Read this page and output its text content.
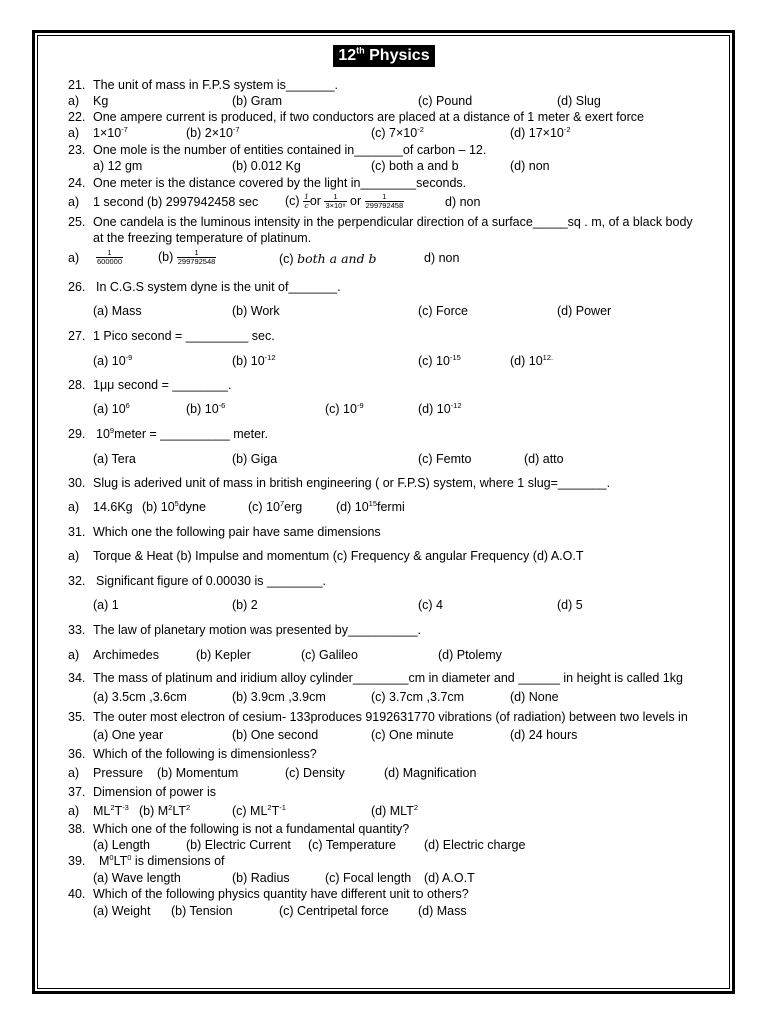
12th Physics
21. The unit of mass in F.P.S system is_______.
a) Kg	(b) Gram	(c) Pound	(d) Slug
22. One ampere current is produced, if two conductors are placed at a distance of 1 meter & exert force
a) $1\times 10^{-7}$	(b) $2\times 10^{-7}$	(c) $7\times 10^{-2}$	(d) $17\times 10^{-2}$
23. One mole is the number of entities contained in_______of carbon – 12.
a) 12 gm	(b) 0.012 Kg	(c) both a and b	(d) non
24. One meter is the distance covered by the light in________seconds.
a) 1 second (b) 2997942458 $\sec (c) \frac{1}{c}$ or $\frac{1}{\text{3×10⁸}}$ or $\frac{1}{299792458}$	d) non
25. One candela is the luminous intensity in the perpendicular direction of a surface_____sq . m, of a black body
at the freezing temperature of platinum.
$a) \frac{1}{600000}$	$(b) \frac{1}{299792548}$	(c) both a and b	d) non
26. In C.G.S system dyne is the unit of_______.
(a) Mass	(b) Work	(c) Force	(d) Power
27. 1 Pico second = _________ sec.
(a) $10^{-9}$	(b) $10^{-12}$	(c) $10^{-15}$	(d) $10^{12.}$
28. 1μμ second = ________.
(a) $10^6$	(b) $10^{-6}$	(c) $10^{-9}$	(d) $10^{-12}$
29. $10^9meter$ = __________ meter.
(a) Tera	(b) Giga	(c) Femto	(d) atto
30. Slug is aderived unit of mass in british engineering ( or F.P.S) system, where 1 slug=_______.
a) 14.6Kg (b) $10^5dyne$	(c) $10^7erg$	(d) $10^{15}fermi$
31. Which one the following pair have same dimensions
a) Torque & Heat (b) Impulse and momentum (c) Frequency & angular Frequency (d) A.O.T
32. Significant figure of 0.00030 is ________.
(a) 1	(b) 2	(c) 4	(d) 5
33. The law of planetary motion was presented by__________.
a) Archimedes	(b) Kepler	(c) Galileo	(d) Ptolemy
34. The mass of platinum and iridium alloy cylinder________cm in diameter and ______ in height is called 1kg
(a) 3.5cm ,3.6cm	(b) 3.9cm ,3.9cm	(c) 3.7cm ,3.7cm	(d) None
35. The outer most electron of cesium- 133produces 9192631770 vibrations (of radiation) between two levels in
(a) One year	(b) One second	(c) One minute	(d) 24 hours
36. Which of the following is dimensionless?
a) Pressure (b) Momentum	(c) Density	(d) Magnification
37. Dimension of power is
a) $ML^2T^{-3}$ (b) $M^2LT^2$	(c) $ML^2T^{-1}$	(d) MLT$^2$
38. Which one of the following is not a fundamental quantity?
(a) Length	(b) Electric Current (c) Temperature (d) Electric charge
39. $M^0LT^0$ is dimensions of
(a) Wave length	(b) Radius	(c) Focal length (d) A.O.T
40. Which of the following physics quantity have different unit to others?
(a) Weight (b) Tension	(c) Centripetal force (d) Mass
